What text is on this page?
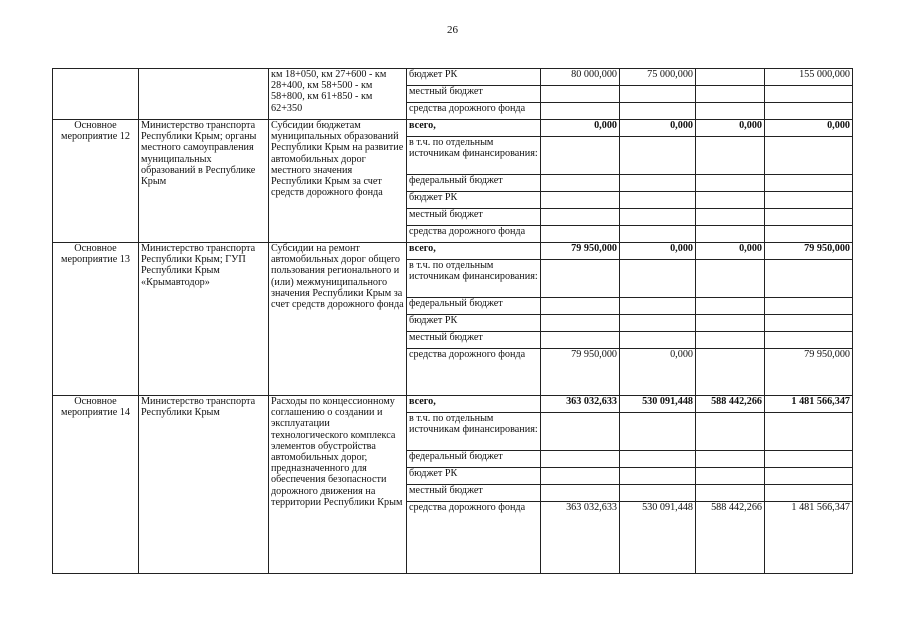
26
		км 18+050, км 27+600 - км 28+400, км 58+500 - км 58+800, км 61+850 - км 62+350	бюджет РК	80 000,000	75 000,000		155 000,000
			местный бюджет				
			средства дорожного фонда				
Основное мероприятие 12	Министерство транспорта Республики Крым; органы местного самоуправления муниципальных образований в Республике Крым	Субсидии бюджетам муниципальных образований Республики Крым на развитие автомобильных дорог местного значения Республики Крым за счет средств дорожного фонда	всего,	0,000	0,000	0,000	0,000
			в т.ч. по отдельным источникам финансирования:				
			федеральный бюджет				
			бюджет РК				
			местный бюджет				
			средства дорожного фонда				
Основное мероприятие 13	Министерство транспорта Республики Крым; ГУП Республики Крым «Крымавтодор»	Субсидии на ремонт автомобильных дорог общего пользования регионального и (или) межмуниципального значения Республики Крым за счет средств дорожного фонда	всего,	79 950,000	0,000	0,000	79 950,000
			в т.ч. по отдельным источникам финансирования:				
			федеральный бюджет				
			бюджет РК				
			местный бюджет				
			средства дорожного фонда	79 950,000	0,000		79 950,000
Основное мероприятие 14	Министерство транспорта Республики Крым	Расходы по концессионному соглашению о создании и эксплуатации технологического комплекса элементов обустройства автомобильных дорог, предназначенного для обеспечения безопасности дорожного движения на территории Республики Крым	всего,	363 032,633	530 091,448	588 442,266	1 481 566,347
			в т.ч. по отдельным источникам финансирования:				
			федеральный бюджет				
			бюджет РК				
			местный бюджет				
			средства дорожного фонда	363 032,633	530 091,448	588 442,266	1 481 566,347
